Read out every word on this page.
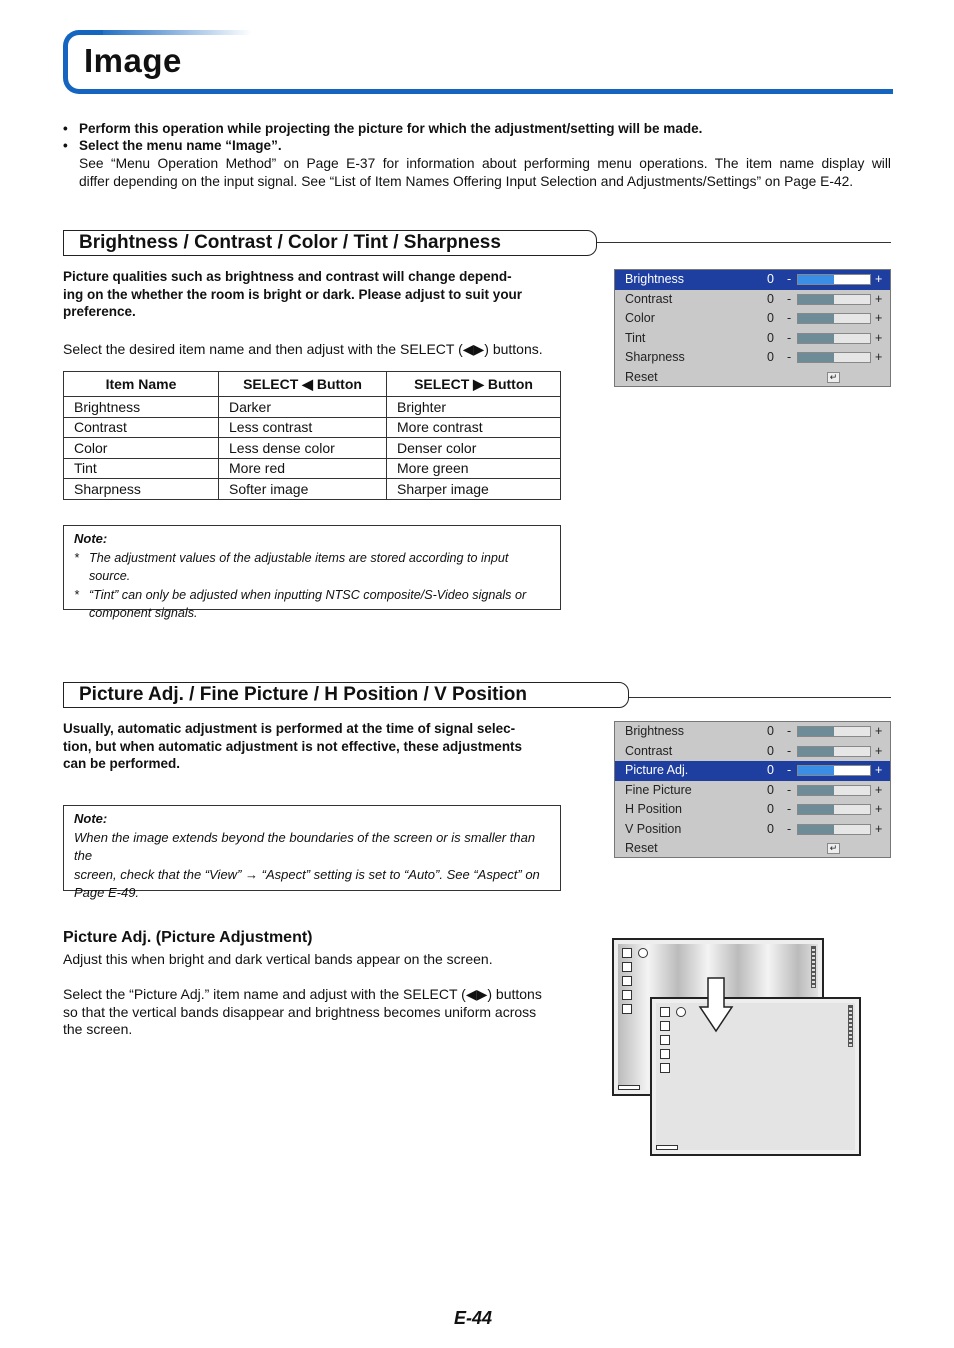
Image
• Perform this operation while projecting the picture for which the adjustment/setting will be made.
• Select the menu name “Image”.
See “Menu Operation Method” on Page E-37 for information about performing menu operations. The item name display will
differ depending on the input signal. See “List of Item Names Offering Input Selection and Adjustments/Settings” on Page E-42.
Brightness / Contrast / Color / Tint / Sharpness
Picture qualities such as brightness and contrast will change depend-
ing on the whether the room is bright or dark. Please adjust to suit your
preference.
Select the desired item name and then adjust with the SELECT (◀▶) buttons.
Item Name	SELECT ◀ Button	SELECT ▶ Button
Brightness	Darker	Brighter
Contrast	Less contrast	More contrast
Color	Less dense color	Denser color
Tint	More red	More green
Sharpness	Softer image	Sharper image
Note:
* The adjustment values of the adjustable items are stored according to input source.
* “Tint” can only be adjusted when inputting NTSC composite/S-Video signals or
component signals.
Brightness	0 -	+
Contrast	0 -	+
Color	0 -	+
Tint	0 -	+
Sharpness	0 -	+
Reset	↵
Picture Adj. / Fine Picture / H Position / V Position
Usually, automatic adjustment is performed at the time of signal selec-
tion, but when automatic adjustment is not effective, these adjustments
can be performed.
Note:
When the image extends beyond the boundaries of the screen or is smaller than the
screen, check that the “View” → “Aspect” setting is set to “Auto”. See “Aspect” on
Page E-49.
Brightness	0 -	+
Contrast	0 -	+
Picture Adj.	0 -	+
Fine Picture	0 -	+
H Position	0 -	+
V Position	0 -	+
Reset	↵
Picture Adj. (Picture Adjustment)
Adjust this when bright and dark vertical bands appear on the screen.
Select the “Picture Adj.” item name and adjust with the SELECT (◀▶) buttons
so that the vertical bands disappear and brightness becomes uniform across
the screen.
E-44
